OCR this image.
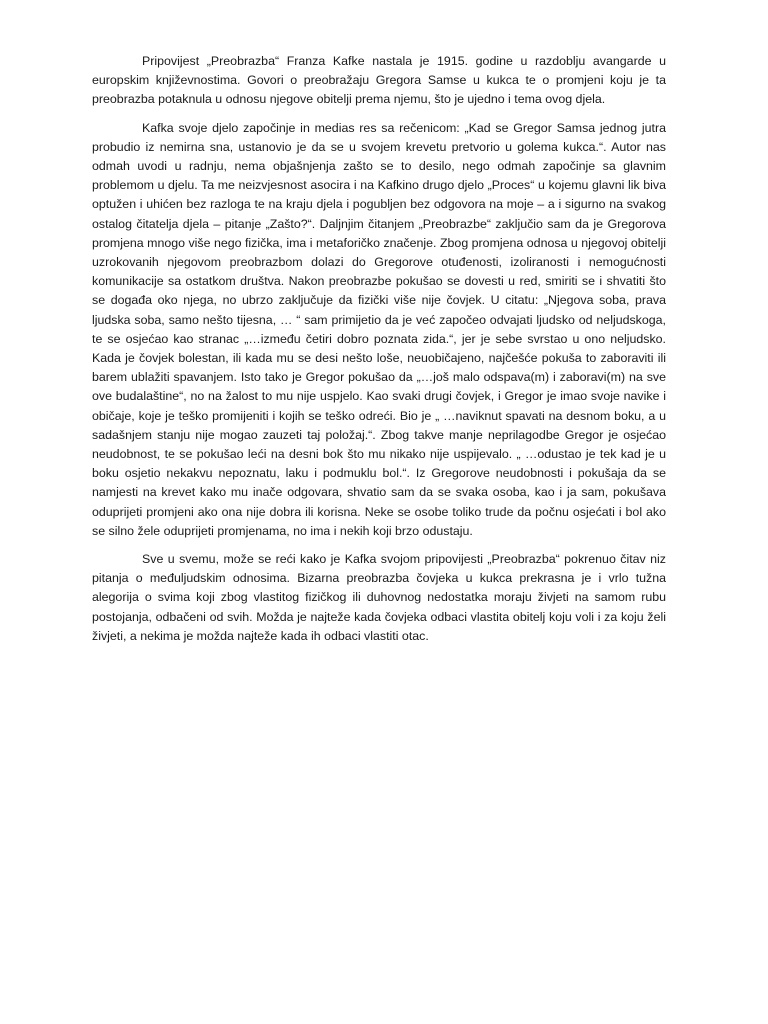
Pripovijest „Preobrazba“ Franza Kafke nastala je 1915. godine u razdoblju avangarde u europskim književnostima. Govori o preobražaju Gregora Samse u kukca te o promjeni koju je ta preobrazba potaknula u odnosu njegove obitelji prema njemu, što je ujedno i tema ovog djela.

Kafka svoje djelo započinje in medias res sa rečenicom: „Kad se Gregor Samsa jednog jutra probudio iz nemirna sna, ustanovio je da se u svojem krevetu pretvorio u golema kukca.“. Autor nas odmah uvodi u radnju, nema objašnjenja zašto se to desilo, nego odmah započinje sa glavnim problemom u djelu. Ta me neizvjesnost asocira i na Kafkino drugo djelo „Proces“ u kojemu glavni lik biva optužen i uhićen bez razloga te na kraju djela i pogubljen bez odgovora na moje – a i sigurno na svakog ostalog čitatelja djela – pitanje „Zašto?“. Daljnjim čitanjem „Preobrazbe“ zaključio sam da je Gregorova promjena mnogo više nego fizička, ima i metaforičko značenje. Zbog promjena odnosa u njegovoj obitelji uzrokovanih njegovom preobrazbom dolazi do Gregorove otuđenosti, izoliranosti i nemogućnosti komunikacije sa ostatkom društva. Nakon preobrazbe pokušao se dovesti u red, smiriti se i shvatiti što se događa oko njega, no ubrzo zaključuje da fizički više nije čovjek. U citatu: „Njegova soba, prava ljudska soba, samo nešto tijesna, … “ sam primijetio da je već započeo odvajati ljudsko od neljudskoga, te se osjećao kao stranac „…između četiri dobro poznata zida.“, jer je sebe svrstao u ono neljudsko. Kada je čovjek bolestan, ili kada mu se desi nešto loše, neuobičajeno, najčešće pokuša to zaboraviti ili barem ublažiti spavanjem. Isto tako je Gregor pokušao da „…još malo odspava(m) i zaboravi(m) na sve ove budalaštine“, no na žalost to mu nije uspjelo. Kao svaki drugi čovjek, i Gregor je imao svoje navike i običaje, koje je teško promijeniti i kojih se teško odreći. Bio je „ …naviknut spavati na desnom boku, a u sadašnjem stanju nije mogao zauzeti taj položaj.“. Zbog takve manje neprilagodbe Gregor je osjećao neudobnost, te se pokušao leći na desni bok što mu nikako nije uspijevalo. „ …odustao je tek kad je u boku osjetio nekakvu nepoznatu, laku i podmuklu bol.“. Iz Gregorove neudobnosti i pokušaja da se namjesti na krevet kako mu inače odgovara, shvatio sam da se svaka osoba, kao i ja sam, pokušava oduprijeti promjeni ako ona nije dobra ili korisna. Neke se osobe toliko trude da počnu osjećati i bol ako se silno žele oduprijeti promjenama, no ima i nekih koji brzo odustaju.

Sve u svemu, može se reći kako je Kafka svojom pripovijesti „Preobrazba“ pokrenuo čitav niz pitanja o međuljudskim odnosima. Bizarna preobrazba čovjeka u kukca prekrasna je i vrlo tužna alegorija o svima koji zbog vlastitog fizičkog ili duhovnog nedostatka moraju živjeti na samom rubu postojanja, odbačeni od svih. Možda je najteže kada čovjeka odbaci vlastita obitelj koju voli i za koju želi živjeti, a nekima je možda najteže kada ih odbaci vlastiti otac.
